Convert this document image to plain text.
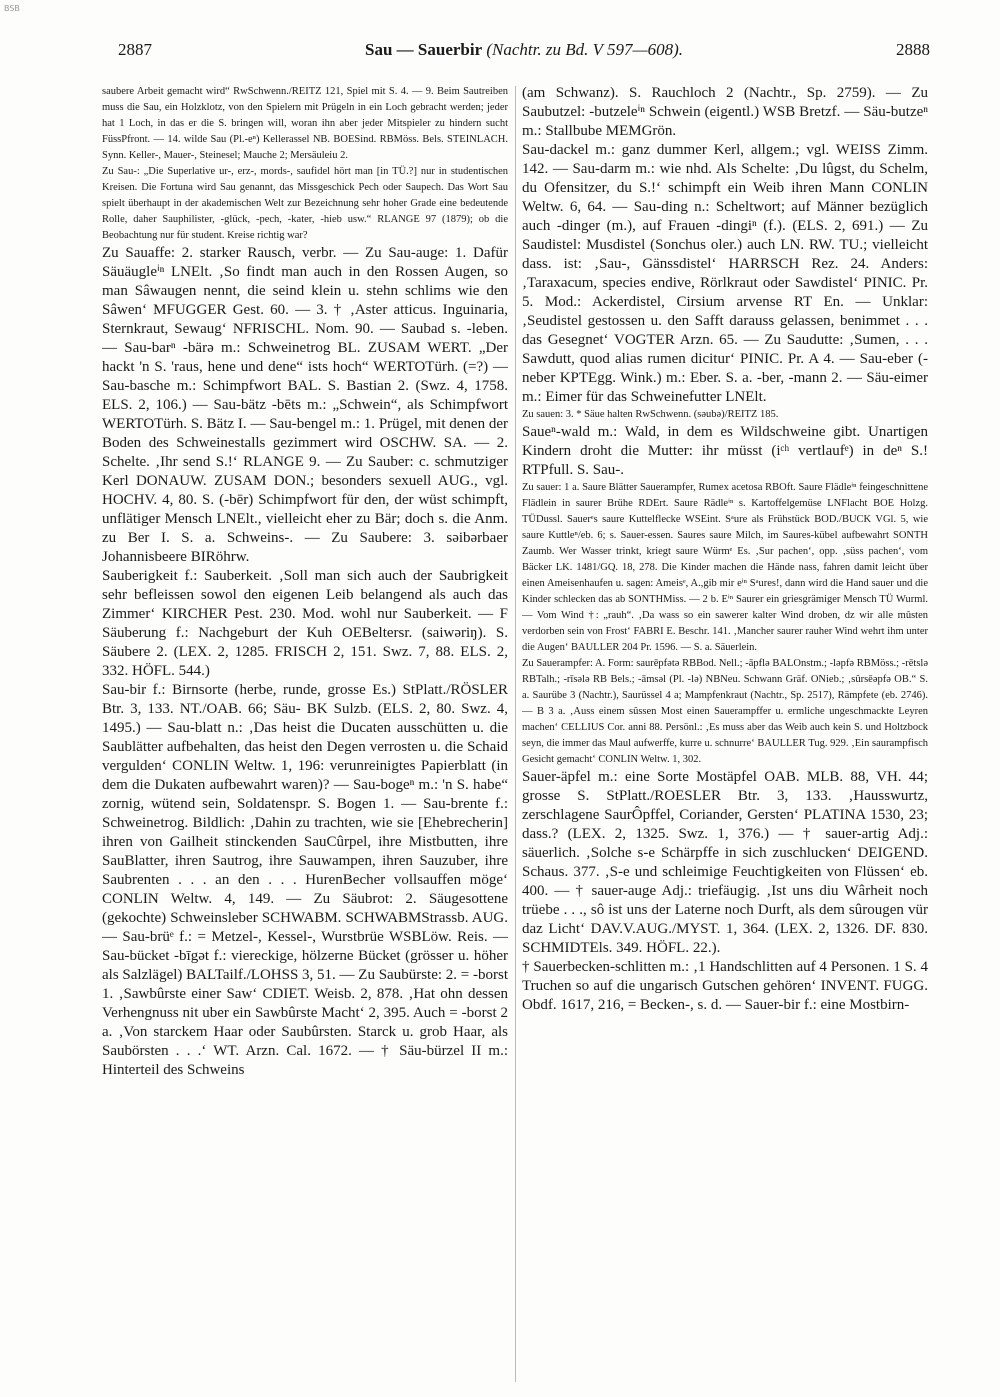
BSB
2887	Sau — Sauerbir (Nachtr. zu Bd. V 597—608).	2888

saubere Arbeit gemacht wird“ RwSchwenn./REITZ 121, Spiel mit S. 4. — 9. Beim Sautreiben muss die Sau, ein Holzklotz, von den Spielern mit Prügeln in ein Loch gebracht werden; jeder hat 1 Loch, in das er die S. bringen will, woran ihn aber jeder Mitspieler zu hindern sucht FüssPfront. — 14. wilde Sau (Pl.-eⁿ) Kellerassel NB. BOESind. RBMöss. Bels. STEINLACH. Synn. Keller-, Mauer-, Steinesel; Mauche 2; Mersäuleiu 2.

Zu Sau-: „Die Superlative ur-, erz-, mords-, saufidel hört man [in TÜ.?] nur in studentischen Kreisen. Die Fortuna wird Sau genannt, das Missgeschick Pech oder Saupech. Das Wort Sau spielt überhaupt in der akademischen Welt zur Bezeichnung sehr hoher Grade eine bedeutende Rolle, daher Sauphilister, -glück, -pech, -kater, -hieb usw.“ RLANGE 97 (1879); ob die Beobachtung nur für student. Kreise richtig war?

Zu Sauaffe: 2. starker Rausch, verbr. — Zu Sau-auge: 1. Dafür Säuäugleⁱⁿ LNElt. ‚So findt man auch in den Rossen Augen, so man Sâwaugen nennt, die seind klein u. stehn schlims wie den Sâwen‘ MFUGGER Gest. 60. — 3. † ‚Aster atticus. Inguinaria, Sternkraut, Sewaug‘ NFRISCHL. Nom. 90. — Saubad s. -leben. — Sau-barⁿ -bärə m.: Schweinetrog BL. ZUSAM WERT. „Der hackt 'n S. 'raus, hene und dene“ ists hoch“ WERTOTürh. (=?) — Sau-basche m.: Schimpfwort BAL. S. Bastian 2. (Swz. 4, 1758. ELS. 2, 106.) — Sau-bätz -bēts m.: „Schwein“, als Schimpfwort WERTOTürh. S. Bätz I. — Sau-bengel m.: 1. Prügel, mit denen der Boden des Schweinestalls gezimmert wird OSCHW. SA. — 2. Schelte. ‚Ihr send S.!‘ RLANGE 9. — Zu Sauber: c. schmutziger Kerl DONAUW. ZUSAM DON.; besonders sexuell AUG., vgl. HOCHV. 4, 80. S. (-bēr) Schimpfwort für den, der wüst schimpft, unflätiger Mensch LNElt., vielleicht eher zu Bär; doch s. die Anm. zu Ber I. S. a. Schweins-. — Zu Saubere: 3. səibərbaer Johannisbeere BIRöhrw.

Sauberigkeit f.: Sauberkeit. ‚Soll man sich auch der Saubrigkeit sehr befleissen sowol den eigenen Leib belangend als auch das Zimmer‘ KIRCHER Pest. 230. Mod. wohl nur Sauberkeit. — F Säuberung f.: Nachgeburt der Kuh OEBeltersr. (saiwəriŋ). S. Säubere 2. (LEX. 2, 1285. FRISCH 2, 151. Swz. 7, 88. ELS. 2, 332. HÖFL. 544.)

Sau-bir f.: Birnsorte (herbe, runde, grosse Es.) StPlatt./RÖSLER Btr. 3, 133. NT./OAB. 66; Säu- BK Sulzb. (ELS. 2, 80. Swz. 4, 1495.) — Sau-blatt n.: ‚Das heist die Ducaten ausschütten u. die Saublätter aufbehalten, das heist den Degen verrosten u. die Schaid vergulden‘ CONLIN Weltw. 1, 196: verunreinigtes Papierblatt (in dem die Dukaten aufbewahrt waren)? — Sau-bogeⁿ m.: 'n S. habe“ zornig, wütend sein, Soldatenspr. S. Bogen 1. — Sau-brente f.: Schweinetrog. Bildlich: ‚Dahin zu trachten, wie sie [Ehebrecherin] ihren von Gailheit stinckenden SauCûrpel, ihre Mistbutten, ihre SauBlatter, ihren Sautrog, ihre Sauwampen, ihren Sauzuber, ihre Saubrenten . . . an den . . . HurenBecher vollsauffen möge‘ CONLIN Weltw. 4, 149. — Zu Säubrot: 2. Säugesottene (gekochte) Schweinsleber SCHWABM. SCHWABMStrassb. AUG. — Sau-brüᵉ f.: = Metzel-, Kessel-, Wurstbrüe WSBLöw. Reis. — Sau-bücket -bīgət f.: viereckige, hölzerne Bücket (grösser u. höher als Salzlägel) BALTailf./LOHSS 3, 51. — Zu Saubürste: 2. = -borst 1. ‚Sawbûrste einer Saw‘ CDIET. Weisb. 2, 878. ‚Hat ohn dessen Verhengnuss nit uber ein Sawbûrste Macht‘ 2, 395. Auch = -borst 2 a. ‚Von starckem Haar oder Saubûrsten. Starck u. grob Haar, als Saubörsten . . .‘ WT. Arzn. Cal. 1672. — † Säu-bürzel II m.: Hinterteil des Schweins

(am Schwanz). S. Rauchloch 2 (Nachtr., Sp. 2759). — Zu Saubutzel: -butzeleⁱⁿ Schwein (eigentl.) WSB Bretzf. — Säu-butzeⁿ m.: Stallbube MEMGrön.

Sau-dackel m.: ganz dummer Kerl, allgem.; vgl. WEISS Zimm. 142. — Sau-darm m.: wie nhd. Als Schelte: ‚Du lûgst, du Schelm, du Ofensitzer, du S.!‘ schimpft ein Weib ihren Mann CONLIN Weltw. 6, 64. — Sau-ding n.: Scheltwort; auf Männer bezüglich auch -dinger (m.), auf Frauen -dingiⁿ (f.). (ELS. 2, 691.) — Zu Saudistel: Musdistel (Sonchus oler.) auch LN. RW. TU.; vielleicht dass. ist: ‚Sau-, Gänssdistel‘ HARRSCH Rez. 24. Anders: ‚Taraxacum, species endive, Rörlkraut oder Sawdistel‘ PINIC. Pr. 5. Mod.: Ackerdistel, Cirsium arvense RT En. — Unklar: ‚Seudistel gestossen u. den Safft darauss gelassen, benimmet . . . das Gesegnet‘ VOGTER Arzn. 65. — Zu Saudutte: ‚Sumen, . . . Sawdutt, quod alias rumen dicitur‘ PINIC. Pr. A 4. — Sau-eber (-neber KPTEgg. Wink.) m.: Eber. S. a. -ber, -mann 2. — Säu-eimer m.: Eimer für das Schweinefutter LNElt.

Zu sauen: 3. * Säue halten RwSchwenn. (səubə)/REITZ 185.

Saueⁿ-wald m.: Wald, in dem es Wildschweine gibt. Unartigen Kindern droht die Mutter: ihr müsst (iᶜʰ vertlaufᵉ) in deⁿ S.! RTPfull. S. Sau-.

Zu sauer: 1 a. Saure Blätter Sauerampfer, Rumex acetosa RBOft. Saure Flädleⁱⁿ feingeschnittene Flädlein in saurer Brühe RDErt. Saure Rädleⁱⁿ s. Kartoffelgemüse LNFlacht BOE Holzg. TÜDussl. Sauerᵉs saure Kuttelflecke WSEint. Sᵃure als Frühstück BOD./BUCK VGl. 5, wie saure Kuttleⁿ/eb. 6; s. Sauer-essen. Saures saure Milch, im Saures-kübel aufbewahrt SONTH Zaumb. Wer Wasser trinkt, kriegt saure Würmᵉ Es. ‚Sur pachen‘, opp. ‚süss pachen‘, vom Bäcker LK. 1481/GQ. 18, 278. Die Kinder machen die Hände nass, fahren damit leicht über einen Ameisenhaufen u. sagen: Ameisᵉ, A.,gib mir eⁱⁿ Sᵃures!, dann wird die Hand sauer und die Kinder schlecken das ab SONTHMiss. — 2 b. Eⁱⁿ Saurer ein griesgrämiger Mensch TÜ Wurml. — Vom Wind †: „rauh“. ‚Da wass so ein sawerer kalter Wind droben, dz wir alle mûsten verdorben sein von Frost‘ FABRI E. Beschr. 141. ‚Mancher saurer rauher Wind wehrt ihm unter die Augen‘ BAULLER 204 Pr. 1596. — S. a. Säuerlein.

Zu Sauerampfer: A. Form: saurēpfətə RBBod. Nell.; -āpflə BALOnstm.; -ləpfə RBMöss.; -rētslə RBTalh.; -rīsələ RB Bels.; -āmsəl (Pl. -lə) NBNeu. Schwann Gräf. ONieb.; ‚sûrsēəpfə OB.“ S. a. Saurübe 3 (Nachtr.), Saurüssel 4 a; Mampfenkraut (Nachtr., Sp. 2517), Rämpfete (eb. 2746). — B 3 a. ‚Auss einem sûssen Most einen Sauerampffer u. ermliche ungeschmackte Leyren machen‘ CELLIUS Cor. anni 88. Persönl.: ‚Es muss aber das Weib auch kein S. und Holtzbock seyn, die immer das Maul aufwerffe, kurre u. schnurre‘ BAULLER Tug. 929. ‚Ein saurampfisch Gesicht gemacht‘ CONLIN Weltw. 1, 302.

Sauer-äpfel m.: eine Sorte Mostäpfel OAB. MLB. 88, VH. 44; grosse S. StPlatt./ROESLER Btr. 3, 133. ‚Hausswurtz, zerschlagene SaurÔpffel, Coriander, Gersten‘ PLATINA 1530, 23; dass.? (LEX. 2, 1325. Swz. 1, 376.) — † sauer-artig Adj.: säuerlich. ‚Solche s-e Schärpffe in sich zuschlucken‘ DEIGEND. Schaus. 377. ‚S-e und schleimige Feuchtigkeiten von Flüssen‘ eb. 400. — † sauer-auge Adj.: triefäugig. ‚Ist uns diu Wârheit noch trüebe . . ., sô ist uns der Laterne noch Durft, als dem sûrougen vür daz Licht‘ DAV.V.AUG./MYST. 1, 364. (LEX. 2, 1326. DF. 830. SCHMIDTEls. 349. HÖFL. 22.).

† Sauerbecken-schlitten m.: ‚1 Handschlitten auf 4 Personen. 1 S. 4 Truchen so auf die ungarisch Gutschen gehören‘ INVENT. FUGG. Obdf. 1617, 216, = Becken-, s. d. — Sauer-bir f.: eine Mostbirn-
